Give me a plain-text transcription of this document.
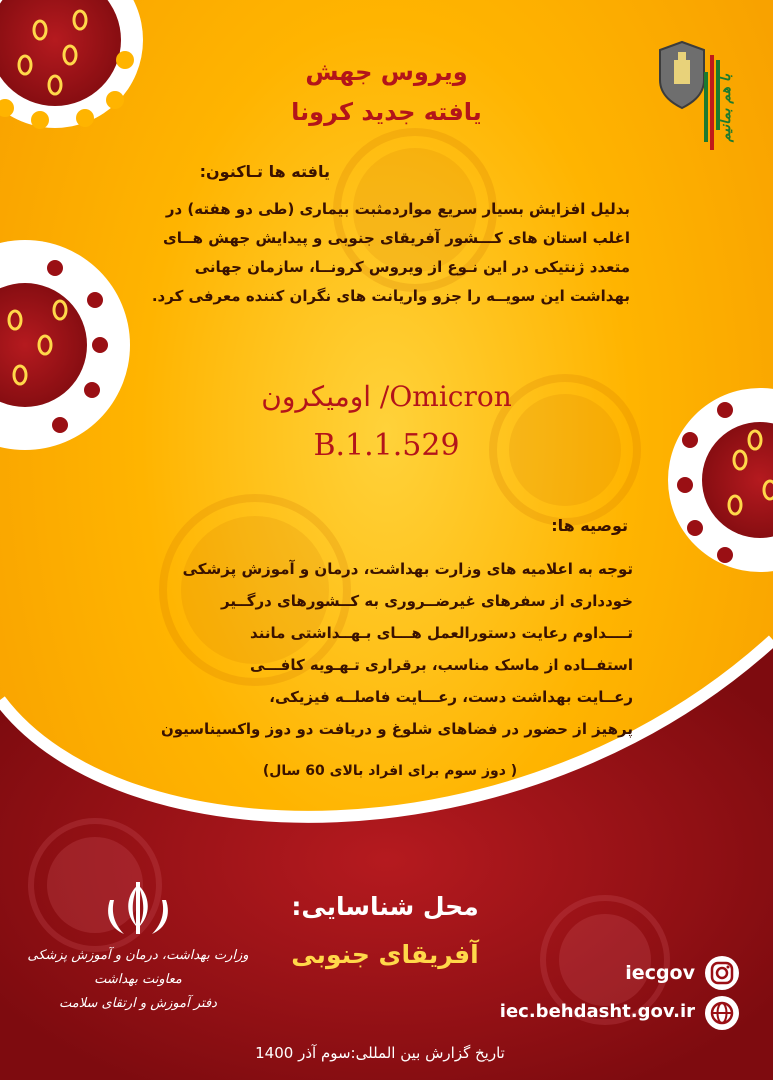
ویروس جهش
یافته جدید کرونا
یافته ها تـاکنون:
بدلیل افزایش بسیار سریع مواردمثبت بیماری (طی دو هفته) در
اغلب استان های کـــشور آفریقای جنوبی و پیدایش جهش هــای
متعدد ژنتیکی در این نـوع از ویروس کرونــا، سازمان جهانی
بهداشت این سویــه را جزو واریانت های نگران کننده معرفی کرد.
Omicron/ اومیکرون
B.1.1.529
توصیه ها:
توجه به اعلامیه های وزارت بهداشت، درمان و آموزش پزشکی
خودداری از سفرهای غیرضــروری به کــشورهای درگــیر
تــــداوم رعایت دستورالعمل هـــای بـهــداشتی مانند
استفــاده از ماسک مناسب، برقراری تـهـویه کافـــی
رعــایت بهداشت دست، رعـــایت فاصلــه فیزیکی،
پرهیز از حضور در فضاهای شلوغ و دریافت دو دوز واکسیناسیون
( دوز سوم برای افراد بالای 60 سال)
محل شناسایی:
آفریقای جنوبی
وزارت بهداشت، درمان و آموزش پزشکی
معاونت بهداشت
دفتر آموزش و ارتقای سلامت
iecgov
iec.behdasht.gov.ir
تاریخ گزارش بین المللی:سوم آذر 1400
با هم بمانیم
